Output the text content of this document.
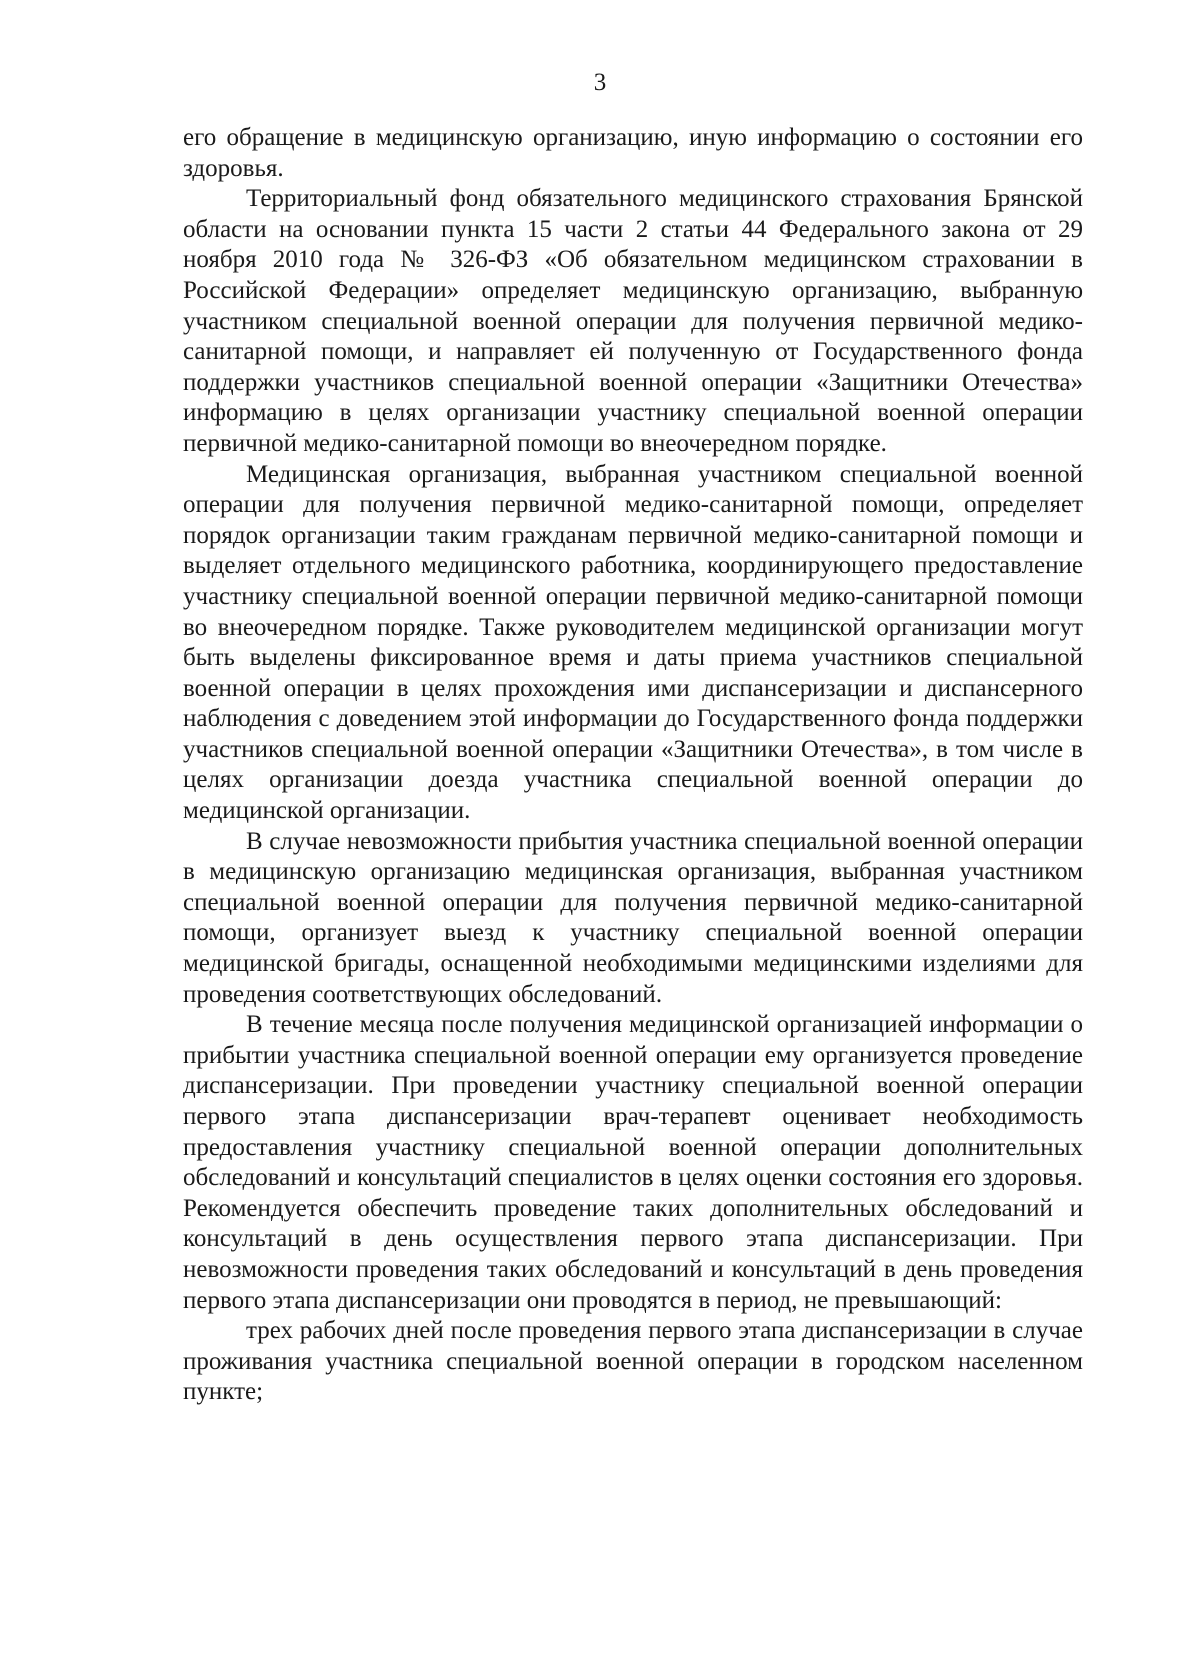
3

его обращение в медицинскую организацию, иную информацию о состоянии его здоровья.

Территориальный фонд обязательного медицинского страхования Брянской области на основании пункта 15 части 2 статьи 44 Федерального закона от 29 ноября 2010 года № 326-ФЗ «Об обязательном медицинском страховании в Российской Федерации» определяет медицинскую организацию, выбранную участником специальной военной операции для получения первичной медико-санитарной помощи, и направляет ей полученную от Государственного фонда поддержки участников специальной военной операции «Защитники Отечества» информацию в целях организации участнику специальной военной операции первичной медико-санитарной помощи во внеочередном порядке.

Медицинская организация, выбранная участником специальной военной операции для получения первичной медико-санитарной помощи, определяет порядок организации таким гражданам первичной медико-санитарной помощи и выделяет отдельного медицинского работника, координирующего предоставление участнику специальной военной операции первичной медико-санитарной помощи во внеочередном порядке. Также руководителем медицинской организации могут быть выделены фиксированное время и даты приема участников специальной военной операции в целях прохождения ими диспансеризации и диспансерного наблюдения с доведением этой информации до Государственного фонда поддержки участников специальной военной операции «Защитники Отечества», в том числе в целях организации доезда участника специальной военной операции до медицинской организации.

В случае невозможности прибытия участника специальной военной операции в медицинскую организацию медицинская организация, выбранная участником специальной военной операции для получения первичной медико-санитарной помощи, организует выезд к участнику специальной военной операции медицинской бригады, оснащенной необходимыми медицинскими изделиями для проведения соответствующих обследований.

В течение месяца после получения медицинской организацией информации о прибытии участника специальной военной операции ему организуется проведение диспансеризации. При проведении участнику специальной военной операции первого этапа диспансеризации врач-терапевт оценивает необходимость предоставления участнику специальной военной операции дополнительных обследований и консультаций специалистов в целях оценки состояния его здоровья. Рекомендуется обеспечить проведение таких дополнительных обследований и консультаций в день осуществления первого этапа диспансеризации. При невозможности проведения таких обследований и консультаций в день проведения первого этапа диспансеризации они проводятся в период, не превышающий:

трех рабочих дней после проведения первого этапа диспансеризации в случае проживания участника специальной военной операции в городском населенном пункте;
